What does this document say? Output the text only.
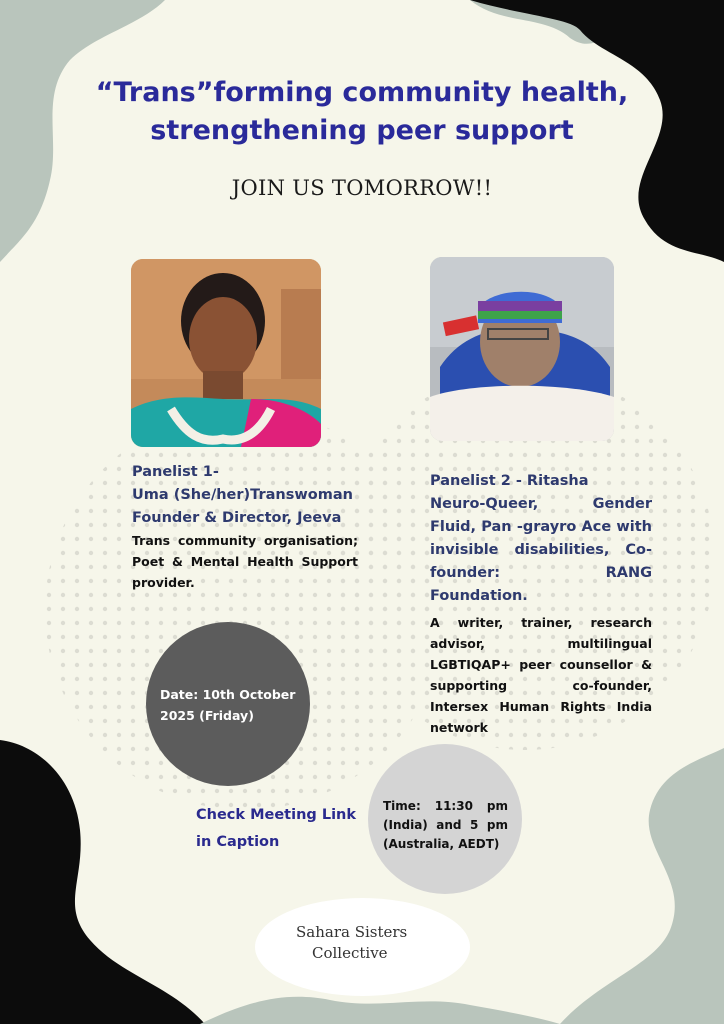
“Trans”forming community health,
strengthening peer support
JOIN US TOMORROW!!
Panelist 1-
Uma (She/her)Transwoman
Founder & Director, Jeeva
Trans community organisation; Poet & Mental Health Support provider.
Panelist 2 - Ritasha
Neuro-Queer, Gender Fluid, Pan -grayro Ace with invisible disabilities, Co-founder: RANG Foundation.
A writer, trainer, research advisor, multilingual LGBTIQAP+ peer counsellor & supporting co-founder, Intersex Human Rights India network
Date: 10th October 2025 (Friday)
Check Meeting Link in Caption
Time: 11:30 pm (India) and 5 pm (Australia, AEDT)
Sahara Sisters
Collective
